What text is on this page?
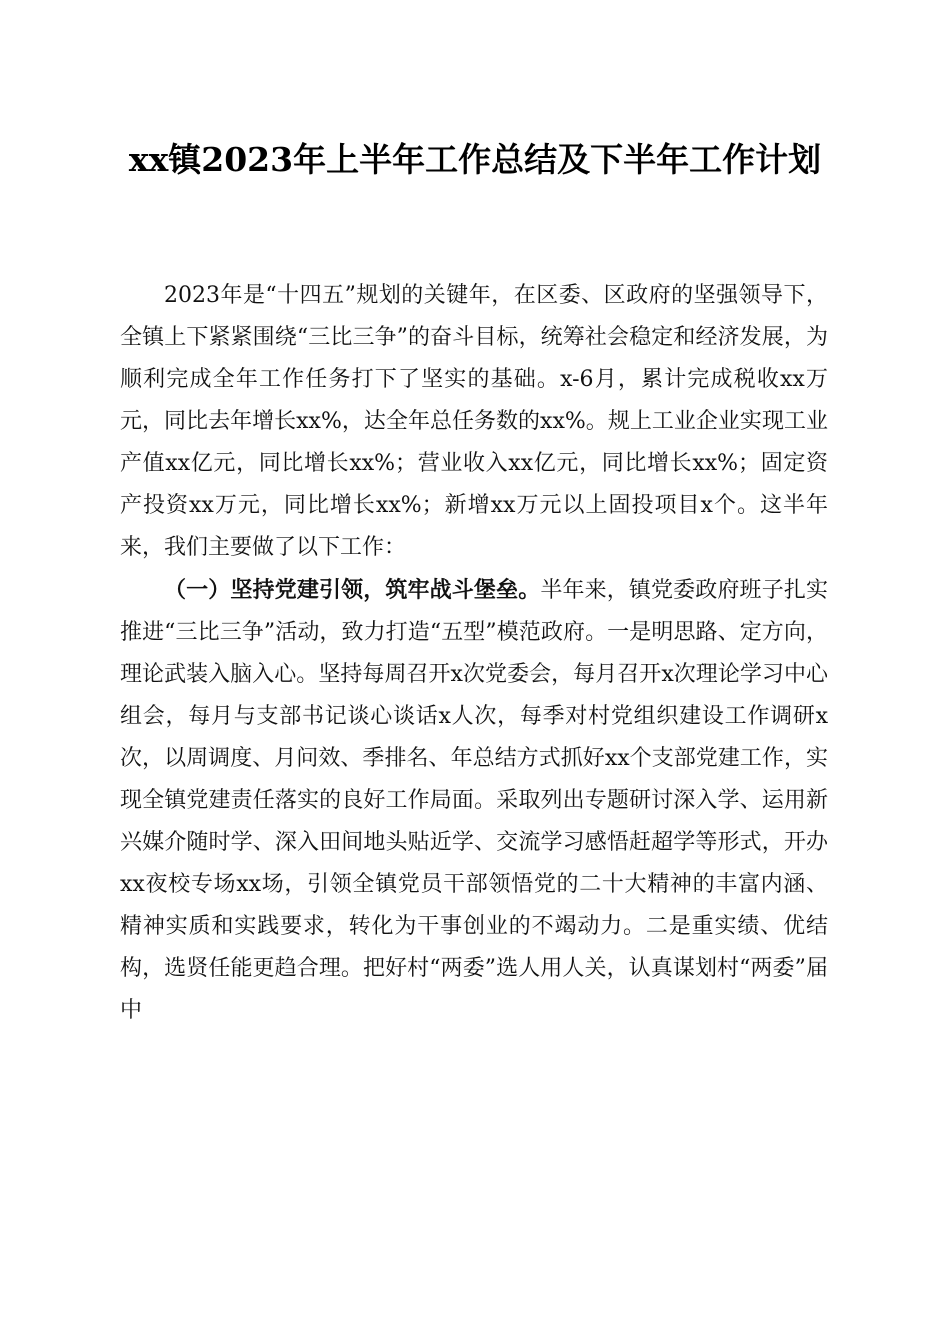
xx镇2023年上半年工作总结及下半年工作计划

2023年是“十四五”规划的关键年，在区委、区政府的坚强领导下，全镇上下紧紧围绕“三比三争”的奋斗目标，统筹社会稳定和经济发展，为顺利完成全年工作任务打下了坚实的基础。x-6月，累计完成税收xx万元，同比去年增长xx%，达全年总任务数的xx%。规上工业企业实现工业产值xx亿元，同比增长xx%；营业收入xx亿元，同比增长xx%；固定资产投资xx万元，同比增长xx%；新增xx万元以上固投项目x个。这半年来，我们主要做了以下工作：

（一）坚持党建引领，筑牢战斗堡垒。半年来，镇党委政府班子扎实推进“三比三争”活动，致力打造“五型”模范政府。一是明思路、定方向，理论武装入脑入心。坚持每周召开x次党委会，每月召开x次理论学习中心组会，每月与支部书记谈心谈话x人次，每季对村党组织建设工作调研x次，以周调度、月问效、季排名、年总结方式抓好xx个支部党建工作，实现全镇党建责任落实的良好工作局面。采取列出专题研讨深入学、运用新兴媒介随时学、深入田间地头贴近学、交流学习感悟赶超学等形式，开办xx夜校专场xx场，引领全镇党员干部领悟党的二十大精神的丰富内涵、精神实质和实践要求，转化为干事创业的不竭动力。二是重实绩、优结构，选贤任能更趋合理。把好村“两委”选人用人关，认真谋划村“两委”届中
